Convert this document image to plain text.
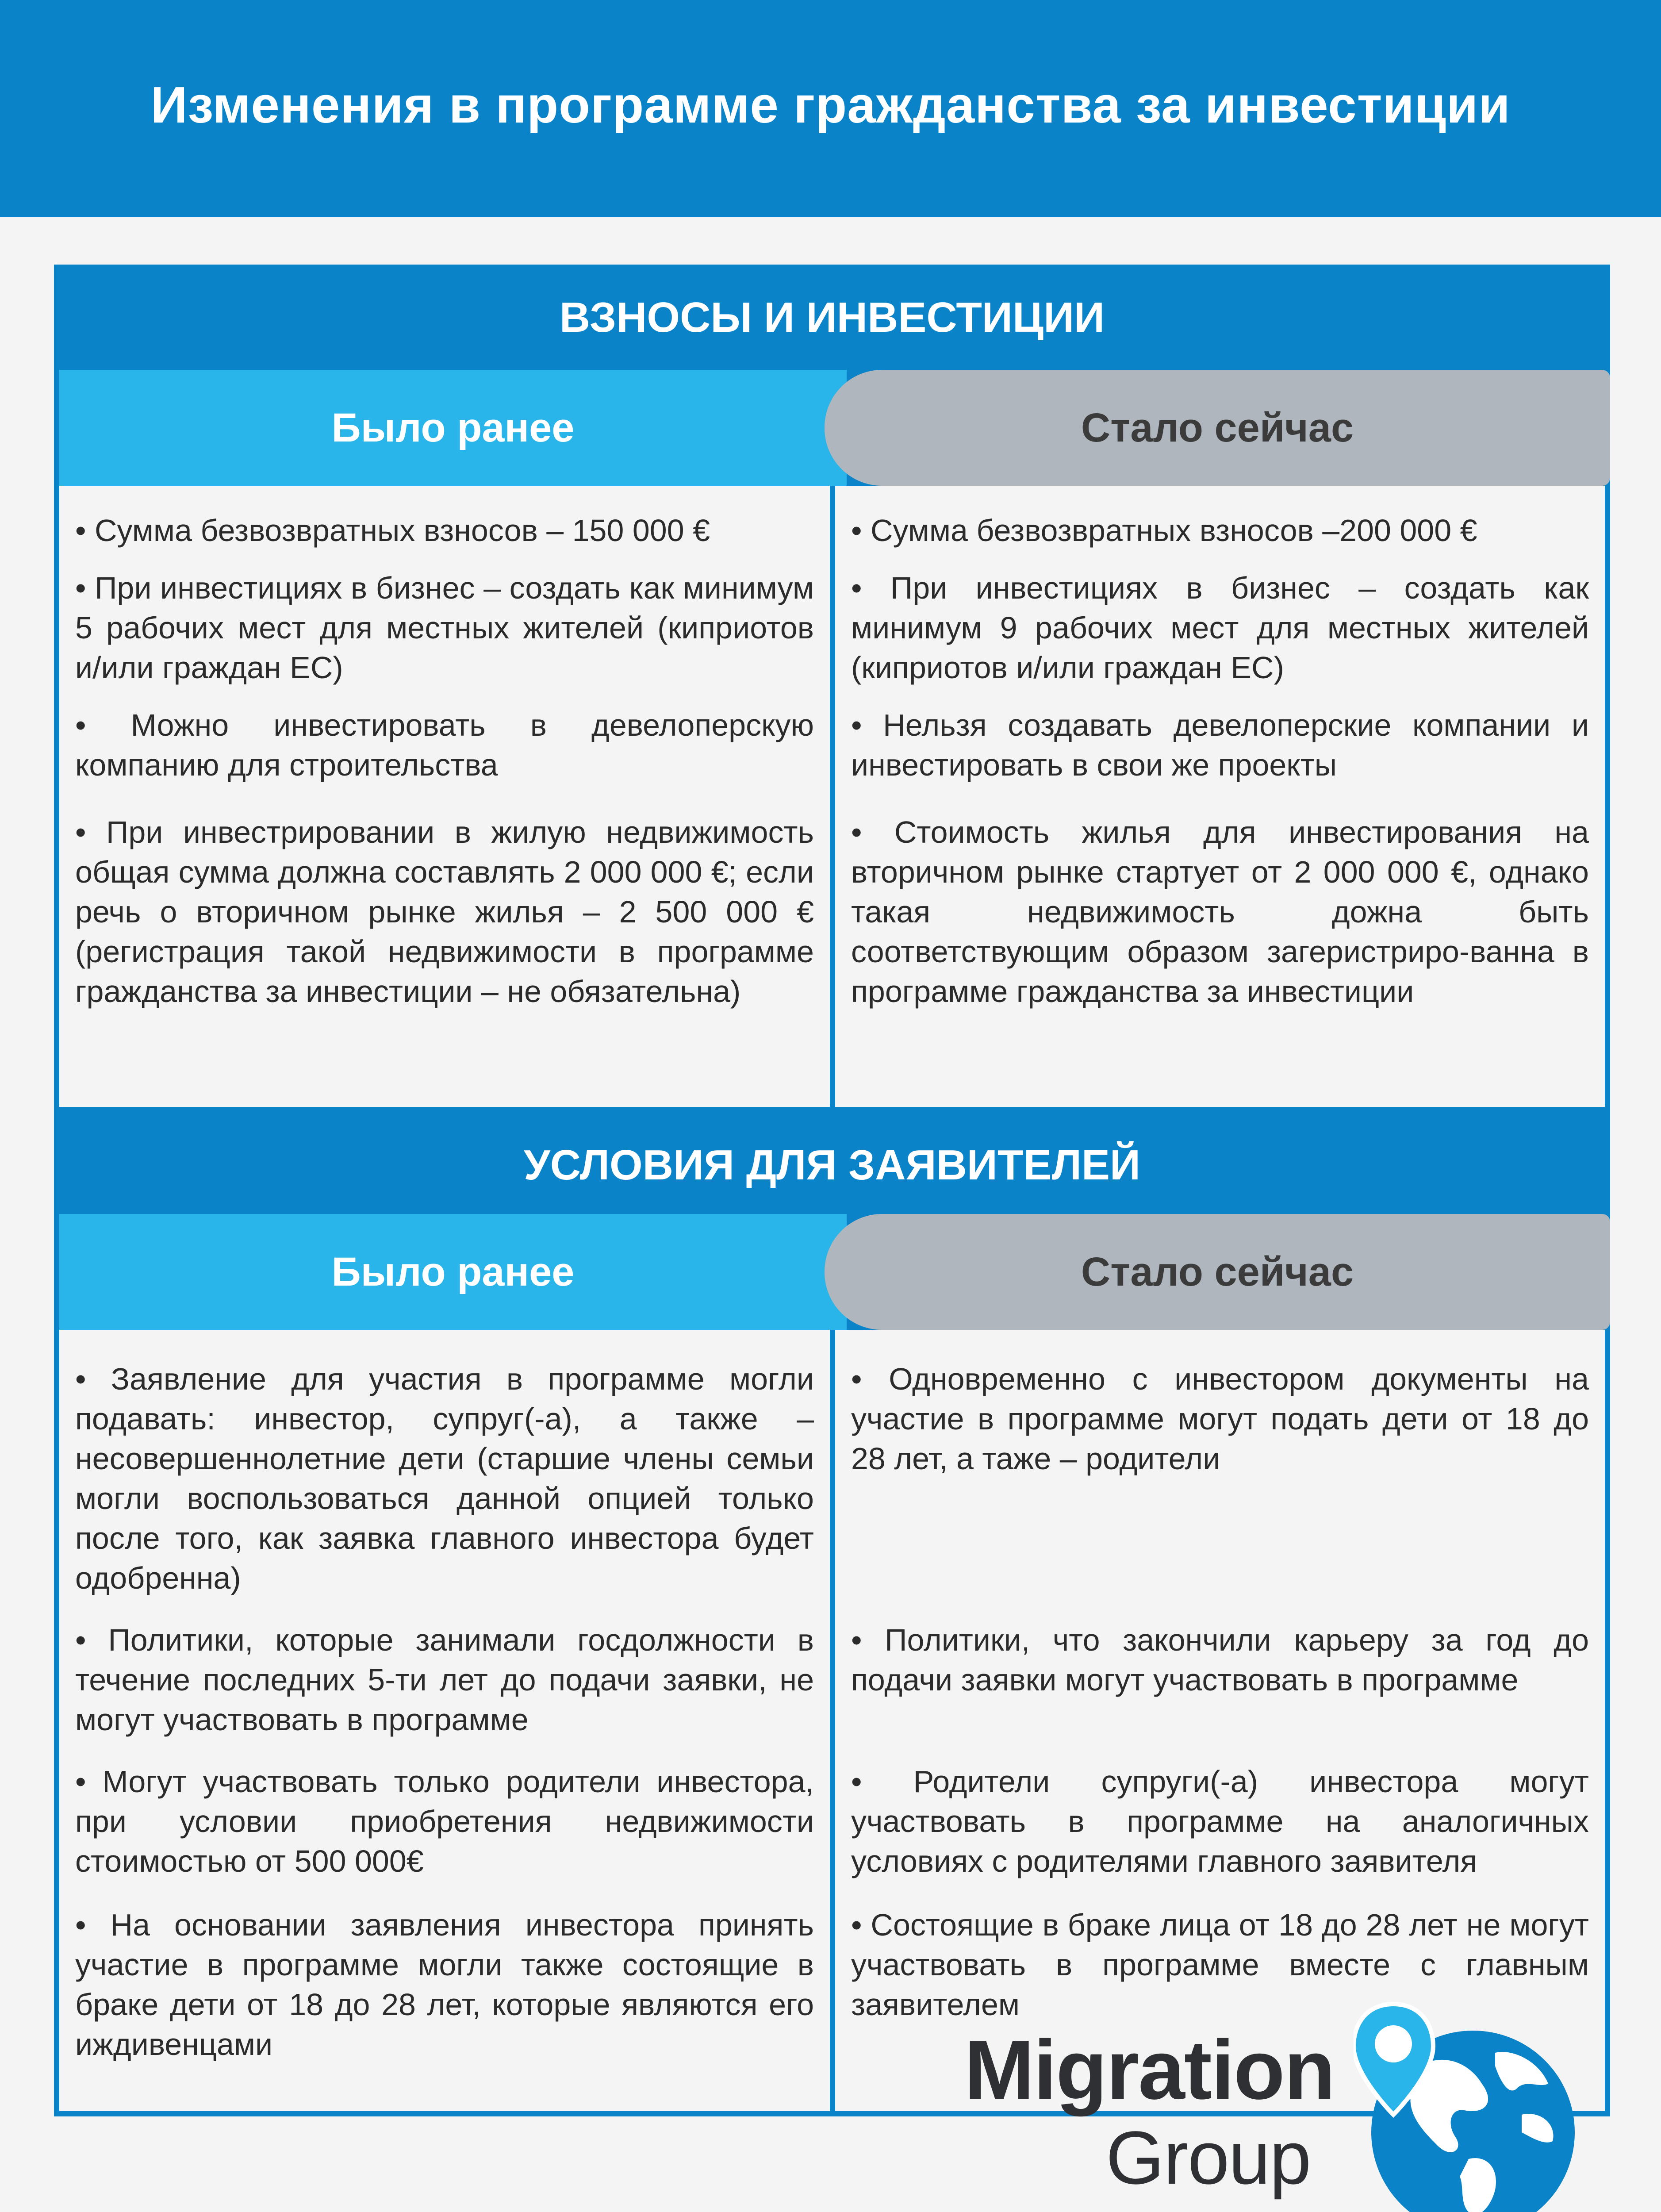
Изменения в программе гражданства за инвестиции
ВЗНОСЫ И ИНВЕСТИЦИИ
Было ранее	Стало сейчас

• Сумма безвозвратных взносов – 150 000 €

• При инвестициях в бизнес – создать как минимум 5 рабочих мест для местных жителей (киприотов и/или граждан ЕС)

• Можно инвестировать в девелоперскую компанию для строительства

• При инвестрировании в жилую недвижимость общая сумма должна составлять 2 000 000 €; если речь о вторичном рынке жилья – 2 500 000 € (регистрация такой недвижимости в программе гражданства за инвестиции – не обязательна)

• Сумма безвозвратных взносов –200 000 €

• При инвестициях в бизнес – создать как минимум 9 рабочих мест для местных жителей (киприотов и/или граждан ЕС)

• Нельзя создавать девелоперские компании и инвестировать в свои же проекты

• Стоимость жилья для инвестирования на вторичном рынке стартует от 2 000 000 €, однако такая недвижимость дожна быть соответствующим образом загеристриро-ванна в программе гражданства за инвестиции

УСЛОВИЯ ДЛЯ ЗАЯВИТЕЛЕЙ
Было ранее	Стало сейчас

• Заявление для участия в программе могли подавать: инвестор, супруг(-а), а также – несовершеннолетние дети (старшие члены семьи могли воспользоваться данной опцией только после того, как заявка главного инвестора будет одобренна)

• Политики, которые занимали госдолжности в течение последних 5-ти лет до подачи заявки, не могут участвовать в программе

• Могут участвовать только родители инвестора, при условии приобретения недвижимости стоимостью от 500 000€

• На основании заявления инвестора принять участие в программе могли также состоящие в браке дети от 18 до 28 лет, которые являются его иждивенцами

• Одновременно с инвестором документы на участие в программе могут подать дети от 18 до 28 лет, а таже – родители

• Политики, что закончили карьеру за год до подачи заявки могут участвовать в программе

• Родители супруги(-а) инвестора могут участвовать в программе на аналогичных условиях с родителями главного заявителя

• Состоящие в браке лица от 18 до 28 лет не могут участвовать в программе вместе с главным заявителем

Migration
Group
